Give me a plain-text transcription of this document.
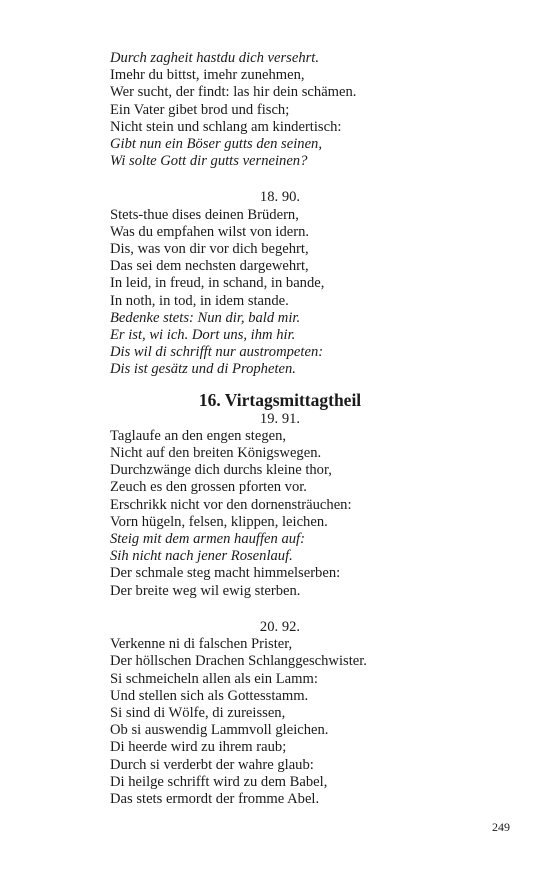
Durch zagheit hastdu dich versehrt.
Imehr du bittst, imehr zunehmen,
Wer sucht, der findt: las hir dein schämen.
Ein Vater gibet brod und fisch;
Nicht stein und schlang am kindertisch:
Gibt nun ein Böser gutts den seinen,
Wi solte Gott dir gutts verneinen?
18. 90.
Stets-thue dises deinen Brüdern,
Was du empfahen wilst von idern.
Dis, was von dir vor dich begehrt,
Das sei dem nechsten dargewehrt,
In leid, in freud, in schand, in bande,
In noth, in tod, in idem stande.
Bedenke stets: Nun dir, bald mir.
Er ist, wi ich. Dort uns, ihm hir.
Dis wil di schrifft nur austrompeten:
Dis ist gesätz und di Propheten.
16. Virtagsmittagtheil
19. 91.
Taglaufe an den engen stegen,
Nicht auf den breiten Königswegen.
Durchzwänge dich durchs kleine thor,
Zeuch es den grossen pforten vor.
Erschrikk nicht vor den dornensträuchen:
Vorn hügeln, felsen, klippen, leichen.
Steig mit dem armen hauffen auf:
Sih nicht nach jener Rosenlauf.
Der schmale steg macht himmelserben:
Der breite weg wil ewig sterben.
20. 92.
Verkenne ni di falschen Prister,
Der höllschen Drachen Schlanggeschwister.
Si schmeicheln allen als ein Lamm:
Und stellen sich als Gottesstamm.
Si sind di Wölfe, di zureissen,
Ob si auswendig Lammvoll gleichen.
Di heerde wird zu ihrem raub;
Durch si verderbt der wahre glaub:
Di heilge schrifft wird zu dem Babel,
Das stets ermordt der fromme Abel.
249
